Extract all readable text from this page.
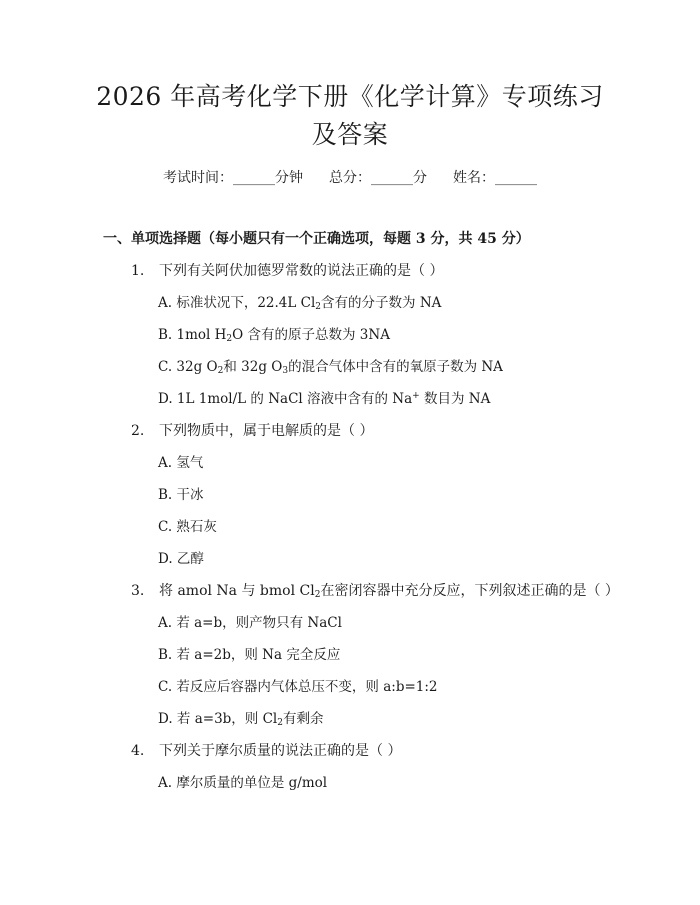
2026 年高考化学下册《化学计算》专项练习
及答案
考试时间：______分钟 总分：______分 姓名：______
一、单项选择题（每小题只有一个正确选项，每题 3 分，共 45 分）
1. 下列有关阿伏加德罗常数的说法正确的是（ ）
A. 标准状况下，22.4L $Cl_2$含有的分子数为 NA
B. 1mol $H_2O$ 含有的原子总数为 3NA
C. 32g $O_2$和 32g $O_3$的混合气体中含有的氧原子数为 NA
D. 1L 1mol/L 的 NaCl 溶液中含有的 Na+ 数目为 NA
2. 下列物质中，属于电解质的是（ ）
A. 氢气
B. 干冰
C. 熟石灰
D. 乙醇
3. 将 amol Na 与 bmol $Cl_2$在密闭容器中充分反应，下列叙述正确的是（ ）
A. 若 a=b，则产物只有 NaCl
B. 若 a=2b，则 Na 完全反应
C. 若反应后容器内气体总压不变，则 a:b=1:2
D. 若 a=3b，则 $Cl_2$有剩余
4. 下列关于摩尔质量的说法正确的是（ ）
A. 摩尔质量的单位是 g/mol
